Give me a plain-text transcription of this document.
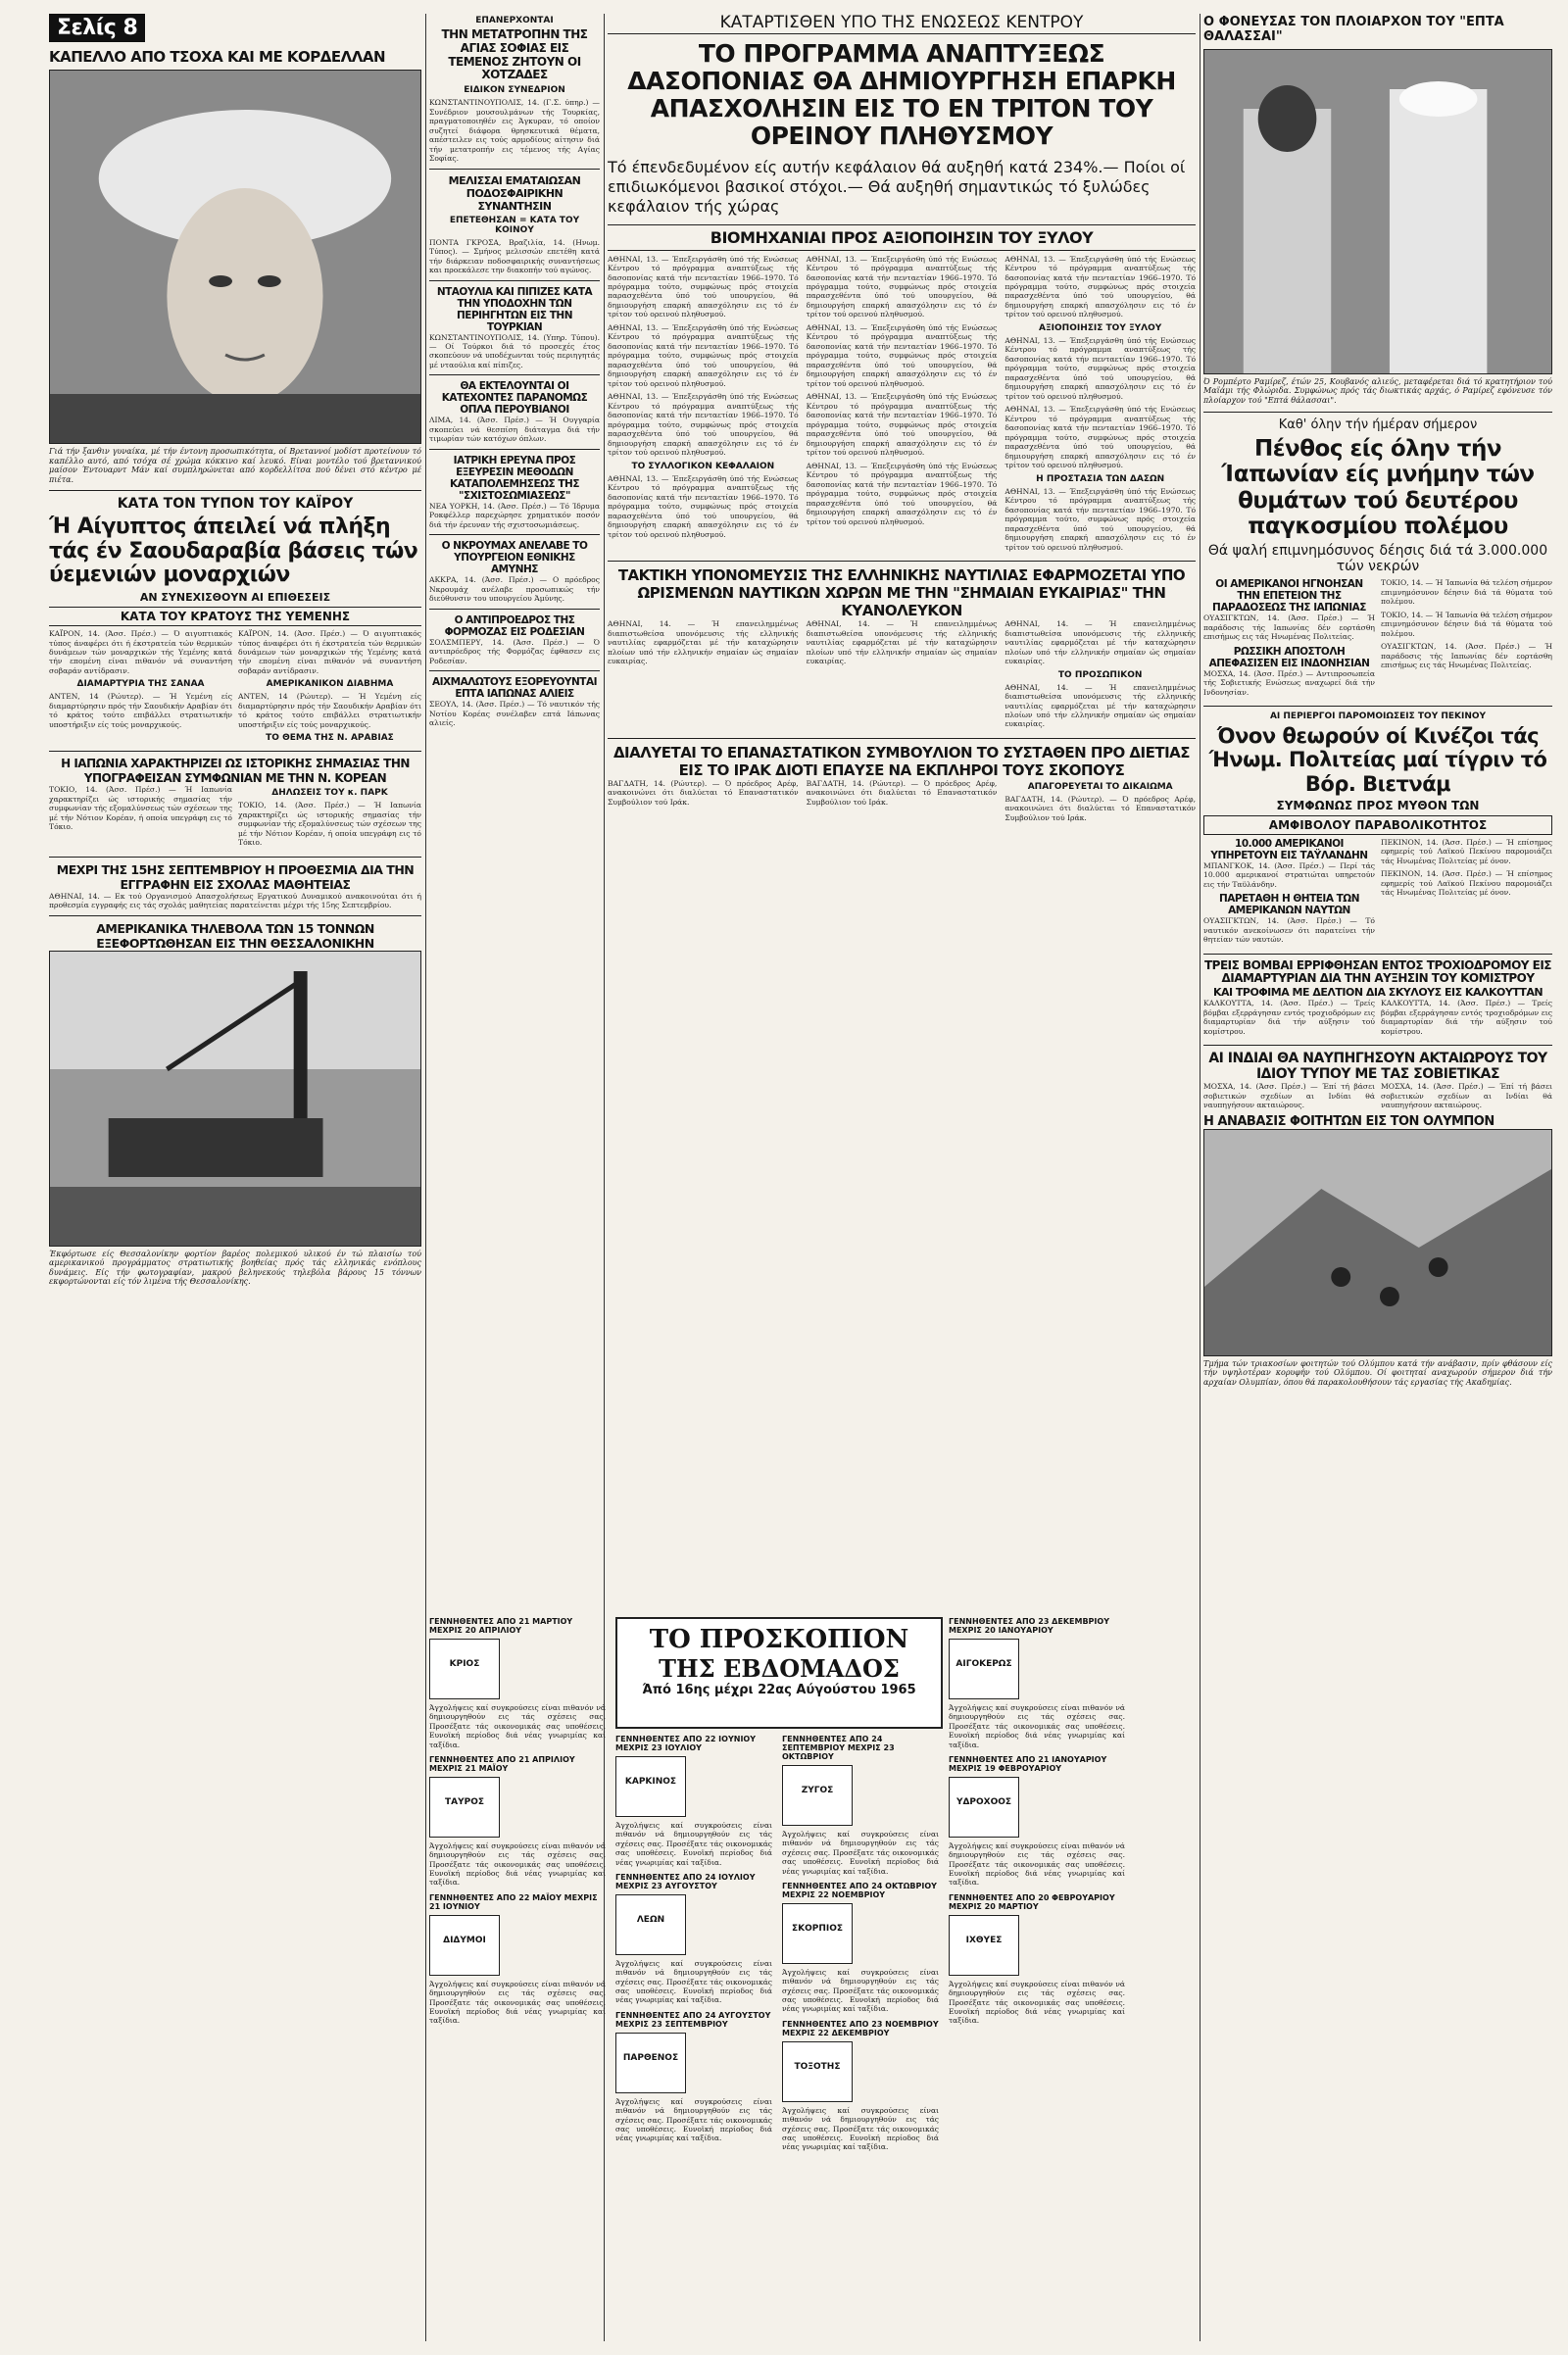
Σελίς 8
ΚΑΠΕΛΛΟ ΑΠΟ ΤΣΟΧΑ ΚΑΙ ΜΕ ΚΟΡΔΕΛΛΑΝ
Γιά τήν ξανθιν γυναίκα, μέ τήν έντονη προσωπικότητα, οί Βρεταννοί μοδίστ προτείνουν τό καπέλλο αυτό, από τσόχα σέ χρώμα κόκκινο καί λευκό. Είναι μοντέλο τού βρεταννικού μαίσον Έντουαρντ Μάν καί συμπληρώνεται από κορδελλίτσα πού δένει στό κέντρο μέ πιέτα.
ΚΑΤΑ ΤΟΝ ΤΥΠΟΝ ΤΟΥ ΚΑΪΡΟΥ
Ή Αίγυπτος άπειλεί νά πλήξη τάς έν Σαουδαραβία βάσεις τών ύεμενιών μοναρχιών
ΑΝ ΣΥΝΕΧΙΣΘΟΥΝ ΑΙ ΕΠΙΘΕΣΕΙΣ
ΚΑΤΑ ΤΟΥ ΚΡΑΤΟΥΣ ΤΗΣ ΥΕΜΕΝΗΣ
ΚΑΪΡΟΝ, 14. (Άσσ. Πρέσ.) — Ό αιγυπτιακός τύπος άναφέρει ότι ή έκστρατεία τών θερμικών δυνάμεων τών μοναρχικών τής Υεμένης κατά τήν επομένη είναι πιθανόν νά συναντήση σοβαράν αντίδρασιν.
ΔΙΑΜΑΡΤΥΡΙΑ ΤΗΣ ΣΑΝΑΑ
ΑΝΤΕΝ, 14 (Ρώυτερ). — Ή Υεμένη είς διαμαρτύρησιν πρός τήν Σαουδικήν Αραβίαν ότι τό κράτος τούτο επιβάλλει στρατιωτικήν υποστήριξιν είς τούς μοναρχικούς.
ΚΑΪΡΟΝ, 14. (Άσσ. Πρέσ.) — Ό αιγυπτιακός τύπος άναφέρει ότι ή έκστρατεία τών θερμικών δυνάμεων τών μοναρχικών τής Υεμένης κατά τήν επομένη είναι πιθανόν νά συναντήση σοβαράν αντίδρασιν.
ΑΜΕΡΙΚΑΝΙΚΟΝ ΔΙΑΒΗΜΑ
ΑΝΤΕΝ, 14 (Ρώυτερ). — Ή Υεμένη είς διαμαρτύρησιν πρός τήν Σαουδικήν Αραβίαν ότι τό κράτος τούτο επιβάλλει στρατιωτικήν υποστήριξιν είς τούς μοναρχικούς.
ΤΟ ΘΕΜΑ ΤΗΣ Ν. ΑΡΑΒΙΑΣ
Η ΙΑΠΩΝΙΑ ΧΑΡΑΚΤΗΡΙΖΕΙ ΩΣ ΙΣΤΟΡΙΚΗΣ ΣΗΜΑΣΙΑΣ ΤΗΝ ΥΠΟΓΡΑΦΕΙΣΑΝ ΣΥΜΦΩΝΙΑΝ ΜΕ ΤΗΝ Ν. ΚΟΡΕΑΝ
ΤΟΚΙΟ, 14. (Άσσ. Πρέσ.) — Ή Ιαπωνία χαρακτηρίζει ώς ιστορικής σημασίας τήν συμφωνίαν τής εξομαλύνσεως τών σχέσεων της μέ τήν Νότιον Κορέαν, ή οποία υπεγράφη εις τό Τόκιο.
ΔΗΛΩΣΕΙΣ ΤΟΥ κ. ΠΑΡΚ
ΤΟΚΙΟ, 14. (Άσσ. Πρέσ.) — Ή Ιαπωνία χαρακτηρίζει ώς ιστορικής σημασίας τήν συμφωνίαν τής εξομαλύνσεως τών σχέσεων της μέ τήν Νότιον Κορέαν, ή οποία υπεγράφη εις τό Τόκιο.
ΜΕΧΡΙ ΤΗΣ 15ΗΣ ΣΕΠΤΕΜΒΡΙΟΥ Η ΠΡΟΘΕΣΜΙΑ ΔΙΑ ΤΗΝ ΕΓΓΡΑΦΗΝ ΕΙΣ ΣΧΟΛΑΣ ΜΑΘΗΤΕΙΑΣ
ΑΘΗΝΑΙ, 14. — Εκ τού Οργανισμού Απασχολήσεως Εργατικού Δυναμικού ανακοινούται ότι ή προθεσμία εγγραφής εις τάς σχολάς μαθητείας παρατείνεται μέχρι τής 15ης Σεπτεμβρίου.
ΑΜΕΡΙΚΑΝΙΚΑ ΤΗΛΕΒΟΛΑ ΤΩΝ 15 ΤΟΝΝΩΝ ΕΞΕΦΟΡΤΩΘΗΣΑΝ ΕΙΣ ΤΗΝ ΘΕΣΣΑΛΟΝΙΚΗΝ
Έκφόρτωσε είς Θεσσαλονίκην φορτίον βαρέος πολεμικού υλικού έν τώ πλαισίω τού αμερικανικού προγράμματος στρατιωτικής βοηθείας πρός τάς ελληνικάς ενόπλους δυνάμεις. Είς τήν φωτογραφίαν, μακρού βεληνεκούς τηλεβόλα βάρους 15 τόννων εκφορτώνονται είς τόν λιμένα τής Θεσσαλονίκης.
ΕΠΑΝΕΡΧΟΝΤΑΙ
ΤΗΝ ΜΕΤΑΤΡΟΠΗΝ ΤΗΣ ΑΓΙΑΣ ΣΟΦΙΑΣ ΕΙΣ ΤΕΜΕΝΟΣ ΖΗΤΟΥΝ ΟΙ ΧΟΤΖΑΔΕΣ
ΕΙΔΙΚΟΝ ΣΥΝΕΔΡΙΟΝ
ΚΩΝΣΤΑΝΤΙΝΟΥΠΟΛΙΣ, 14. (Γ.Σ. ύπηρ.) — Συνέδριον μουσουλμάνων τής Τουρκίας, πραγματοποιηθέν εις Άγκυραν, τό οποίον συζητεί διάφορα θρησκευτικά θέματα, απέστειλεν εις τούς αρμοδίους αίτησιν διά τήν μετατροπήν εις τέμενος τής Αγίας Σοφίας.
ΜΕΛΙΣΣΑΙ ΕΜΑΤΑΙΩΣΑΝ ΠΟΔΟΣΦΑΙΡΙΚΗΝ ΣΥΝΑΝΤΗΣΙΝ
ΕΠΕΤΕΘΗΣΑΝ = ΚΑΤΑ ΤΟΥ ΚΟΙΝΟΥ
ΠΟΝΤΑ ΓΚΡΟΣΑ, Βραζιλία, 14. (Ηνωμ. Τύπος). — Σμήνος μελισσών επετέθη κατά τήν διάρκειαν ποδοσφαιρικής συναντήσεως και προεκάλεσε την διακοπήν τού αγώνος.
ΝΤΑΟΥΛΙΑ ΚΑΙ ΠΙΠΙΖΕΣ ΚΑΤΑ ΤΗΝ ΥΠΟΔΟΧΗΝ ΤΩΝ ΠΕΡΙΗΓΗΤΩΝ ΕΙΣ ΤΗΝ ΤΟΥΡΚΙΑΝ
ΚΩΝΣΤΑΝΤΙΝΟΥΠΟΛΙΣ, 14. (Υπηρ. Τύπου). — Οί Τούρκοι διά τό προσεχές έτος σκοπεύουν νά υποδέχωνται τούς περιηγητάς μέ νταούλια καί πίπιζες.
ΘΑ ΕΚΤΕΛΟΥΝΤΑΙ ΟΙ ΚΑΤΕΧΟΝΤΕΣ ΠΑΡΑΝΟΜΩΣ ΟΠΛΑ ΠΕΡΟΥΒΙΑΝΟΙ
ΛΙΜΑ, 14. (Άσσ. Πρέσ.) — Ή Ουγγαρία σκοπεύει νά θεσπίση διάταγμα διά τήν τιμωρίαν τών κατόχων όπλων.
ΙΑΤΡΙΚΗ ΕΡΕΥΝΑ ΠΡΟΣ ΕΞΕΥΡΕΣΙΝ ΜΕΘΟΔΩΝ ΚΑΤΑΠΟΛΕΜΗΣΕΩΣ ΤΗΣ "ΣΧΙΣΤΟΣΩΜΙΑΣΕΩΣ"
ΝΕΑ ΥΟΡΚΗ, 14. (Άσσ. Πρέσ.) — Τό Ίδρυμα Ροκφέλλερ παρεχώρησε χρηματικόν ποσόν διά τήν έρευναν τής σχιστοσωμιάσεως.
Ο ΝΚΡΟΥΜΑΧ ΑΝΕΛΑΒΕ ΤΟ ΥΠΟΥΡΓΕΙΟΝ ΕΘΝΙΚΗΣ ΑΜΥΝΗΣ
ΑΚΚΡΑ, 14. (Άσσ. Πρέσ.) — Ο πρόεδρος Νκρουμάχ ανέλαβε προσωπικώς τήν διεύθυνσιν του υπουργείου Άμύνης.
Ο ΑΝΤΙΠΡΟΕΔΡΟΣ ΤΗΣ ΦΟΡΜΟΖΑΣ ΕΙΣ ΡΟΔΕΣΙΑΝ
ΣΟΛΣΜΠΕΡΥ, 14. (Άσσ. Πρέσ.) — Ό αντιπρόεδρος τής Φορμόζας έφθασεν εις Ροδεσίαν.
ΑΙΧΜΑΛΩΤΟΥΣ ΕΞΟΡΕΥΟΥΝΤΑΙ ΕΠΤΑ ΙΑΠΩΝΑΣ ΑΛΙΕΙΣ
ΣΕΟΥΛ, 14. (Άσσ. Πρέσ.) — Τό ναυτικόν τής Νοτίου Κορέας συνέλαβεν επτά Ιάπωνας αλιείς.
ΚΑΤΑΡΤΙΣΘΕΝ ΥΠΟ ΤΗΣ ΕΝΩΣΕΩΣ ΚΕΝΤΡΟΥ
ΤΟ ΠΡΟΓΡΑΜΜΑ ΑΝΑΠΤΥΞΕΩΣ ΔΑΣΟΠΟΝΙΑΣ ΘΑ ΔΗΜΙΟΥΡΓΗΣΗ ΕΠΑΡΚΗ ΑΠΑΣΧΟΛΗΣΙΝ ΕΙΣ ΤΟ ΕΝ ΤΡΙΤΟΝ ΤΟΥ ΟΡΕΙΝΟΥ ΠΛΗΘΥΣΜΟΥ
Τό έπενδεδυμένον είς αυτήν κεφάλαιον θά αυξηθή κατά 234%.— Ποίοι οί επιδιωκόμενοι βασικοί στόχοι.— Θά αυξηθή σημαντικώς τό ξυλώδες κεφάλαιον τής χώρας
ΒΙΟΜΗΧΑΝΙΑΙ ΠΡΟΣ ΑΞΙΟΠΟΙΗΣΙΝ ΤΟΥ ΞΥΛΟΥ
ΑΘΗΝΑΙ, 13. — Έπεξειργάσθη ύπό τής Ενώσεως Κέντρου τό πρόγραμμα αναπτύξεως τής δασοπονίας κατά τήν πενταετίαν 1966–1970. Τό πρόγραμμα τούτο, συμφώνως πρός στοιχεία παρασχεθέντα ύπό τού υπουργείου, θά δημιουργήση επαρκή απασχόλησιν εις τό έν τρίτον τού ορεινού πληθυσμού.
ΑΘΗΝΑΙ, 13. — Έπεξειργάσθη ύπό τής Ενώσεως Κέντρου τό πρόγραμμα αναπτύξεως τής δασοπονίας κατά τήν πενταετίαν 1966–1970. Τό πρόγραμμα τούτο, συμφώνως πρός στοιχεία παρασχεθέντα ύπό τού υπουργείου, θά δημιουργήση επαρκή απασχόλησιν εις τό έν τρίτον τού ορεινού πληθυσμού.
ΑΘΗΝΑΙ, 13. — Έπεξειργάσθη ύπό τής Ενώσεως Κέντρου τό πρόγραμμα αναπτύξεως τής δασοπονίας κατά τήν πενταετίαν 1966–1970. Τό πρόγραμμα τούτο, συμφώνως πρός στοιχεία παρασχεθέντα ύπό τού υπουργείου, θά δημιουργήση επαρκή απασχόλησιν εις τό έν τρίτον τού ορεινού πληθυσμού.
ΤΟ ΣΥΛΛΟΓΙΚΟΝ ΚΕΦΑΛΑΙΟΝ
ΑΘΗΝΑΙ, 13. — Έπεξειργάσθη ύπό τής Ενώσεως Κέντρου τό πρόγραμμα αναπτύξεως τής δασοπονίας κατά τήν πενταετίαν 1966–1970. Τό πρόγραμμα τούτο, συμφώνως πρός στοιχεία παρασχεθέντα ύπό τού υπουργείου, θά δημιουργήση επαρκή απασχόλησιν εις τό έν τρίτον τού ορεινού πληθυσμού.
ΑΘΗΝΑΙ, 13. — Έπεξειργάσθη ύπό τής Ενώσεως Κέντρου τό πρόγραμμα αναπτύξεως τής δασοπονίας κατά τήν πενταετίαν 1966–1970. Τό πρόγραμμα τούτο, συμφώνως πρός στοιχεία παρασχεθέντα ύπό τού υπουργείου, θά δημιουργήση επαρκή απασχόλησιν εις τό έν τρίτον τού ορεινού πληθυσμού.
ΑΘΗΝΑΙ, 13. — Έπεξειργάσθη ύπό τής Ενώσεως Κέντρου τό πρόγραμμα αναπτύξεως τής δασοπονίας κατά τήν πενταετίαν 1966–1970. Τό πρόγραμμα τούτο, συμφώνως πρός στοιχεία παρασχεθέντα ύπό τού υπουργείου, θά δημιουργήση επαρκή απασχόλησιν εις τό έν τρίτον τού ορεινού πληθυσμού.
ΑΘΗΝΑΙ, 13. — Έπεξειργάσθη ύπό τής Ενώσεως Κέντρου τό πρόγραμμα αναπτύξεως τής δασοπονίας κατά τήν πενταετίαν 1966–1970. Τό πρόγραμμα τούτο, συμφώνως πρός στοιχεία παρασχεθέντα ύπό τού υπουργείου, θά δημιουργήση επαρκή απασχόλησιν εις τό έν τρίτον τού ορεινού πληθυσμού.
ΑΘΗΝΑΙ, 13. — Έπεξειργάσθη ύπό τής Ενώσεως Κέντρου τό πρόγραμμα αναπτύξεως τής δασοπονίας κατά τήν πενταετίαν 1966–1970. Τό πρόγραμμα τούτο, συμφώνως πρός στοιχεία παρασχεθέντα ύπό τού υπουργείου, θά δημιουργήση επαρκή απασχόλησιν εις τό έν τρίτον τού ορεινού πληθυσμού.
ΑΘΗΝΑΙ, 13. — Έπεξειργάσθη ύπό τής Ενώσεως Κέντρου τό πρόγραμμα αναπτύξεως τής δασοπονίας κατά τήν πενταετίαν 1966–1970. Τό πρόγραμμα τούτο, συμφώνως πρός στοιχεία παρασχεθέντα ύπό τού υπουργείου, θά δημιουργήση επαρκή απασχόλησιν εις τό έν τρίτον τού ορεινού πληθυσμού.
ΑΞΙΟΠΟΙΗΣΙΣ ΤΟΥ ΞΥΛΟΥ
ΑΘΗΝΑΙ, 13. — Έπεξειργάσθη ύπό τής Ενώσεως Κέντρου τό πρόγραμμα αναπτύξεως τής δασοπονίας κατά τήν πενταετίαν 1966–1970. Τό πρόγραμμα τούτο, συμφώνως πρός στοιχεία παρασχεθέντα ύπό τού υπουργείου, θά δημιουργήση επαρκή απασχόλησιν εις τό έν τρίτον τού ορεινού πληθυσμού.
ΑΘΗΝΑΙ, 13. — Έπεξειργάσθη ύπό τής Ενώσεως Κέντρου τό πρόγραμμα αναπτύξεως τής δασοπονίας κατά τήν πενταετίαν 1966–1970. Τό πρόγραμμα τούτο, συμφώνως πρός στοιχεία παρασχεθέντα ύπό τού υπουργείου, θά δημιουργήση επαρκή απασχόλησιν εις τό έν τρίτον τού ορεινού πληθυσμού.
Η ΠΡΟΣΤΑΣΙΑ ΤΩΝ ΔΑΣΩΝ
ΑΘΗΝΑΙ, 13. — Έπεξειργάσθη ύπό τής Ενώσεως Κέντρου τό πρόγραμμα αναπτύξεως τής δασοπονίας κατά τήν πενταετίαν 1966–1970. Τό πρόγραμμα τούτο, συμφώνως πρός στοιχεία παρασχεθέντα ύπό τού υπουργείου, θά δημιουργήση επαρκή απασχόλησιν εις τό έν τρίτον τού ορεινού πληθυσμού.
ΤΑΚΤΙΚΗ ΥΠΟΝΟΜΕΥΣΙΣ ΤΗΣ ΕΛΛΗΝΙΚΗΣ ΝΑΥΤΙΛΙΑΣ ΕΦΑΡΜΟΖΕΤΑΙ ΥΠΟ ΩΡΙΣΜΕΝΩΝ ΝΑΥΤΙΚΩΝ ΧΩΡΩΝ ΜΕ ΤΗΝ "ΣΗΜΑΙΑΝ ΕΥΚΑΙΡΙΑΣ" ΤΗΝ ΚΥΑΝΟΛΕΥΚΟΝ
ΑΘΗΝΑΙ, 14. — Ή επανειλημμένως διαπιστωθείσα υπονόμευσις τής ελληνικής ναυτιλίας εφαρμόζεται μέ τήν καταχώρησιν πλοίων υπό τήν ελληνικήν σημαίαν ώς σημαίαν ευκαιρίας.
ΑΘΗΝΑΙ, 14. — Ή επανειλημμένως διαπιστωθείσα υπονόμευσις τής ελληνικής ναυτιλίας εφαρμόζεται μέ τήν καταχώρησιν πλοίων υπό τήν ελληνικήν σημαίαν ώς σημαίαν ευκαιρίας.
ΑΘΗΝΑΙ, 14. — Ή επανειλημμένως διαπιστωθείσα υπονόμευσις τής ελληνικής ναυτιλίας εφαρμόζεται μέ τήν καταχώρησιν πλοίων υπό τήν ελληνικήν σημαίαν ώς σημαίαν ευκαιρίας.
ΤΟ ΠΡΟΣΩΠΙΚΟΝ
ΑΘΗΝΑΙ, 14. — Ή επανειλημμένως διαπιστωθείσα υπονόμευσις τής ελληνικής ναυτιλίας εφαρμόζεται μέ τήν καταχώρησιν πλοίων υπό τήν ελληνικήν σημαίαν ώς σημαίαν ευκαιρίας.
ΔΙΑΛΥΕΤΑΙ ΤΟ ΕΠΑΝΑΣΤΑΤΙΚΟΝ ΣΥΜΒΟΥΛΙΟΝ ΤΟ ΣΥΣΤΑΘΕΝ ΠΡΟ ΔΙΕΤΙΑΣ ΕΙΣ ΤΟ ΙΡΑΚ ΔΙΟΤΙ ΕΠΑΥΣΕ ΝΑ ΕΚΠΛΗΡΟΙ ΤΟΥΣ ΣΚΟΠΟΥΣ
ΒΑΓΔΑΤΗ, 14. (Ρώυτερ). — Ό πρόεδρος Αρέφ, ανακοινώνει ότι διαλύεται τό Επαναστατικόν Συμβούλιον τού Ιράκ.
ΒΑΓΔΑΤΗ, 14. (Ρώυτερ). — Ό πρόεδρος Αρέφ, ανακοινώνει ότι διαλύεται τό Επαναστατικόν Συμβούλιον τού Ιράκ.
ΑΠΑΓΟΡΕΥΕΤΑΙ ΤΟ ΔΙΚΑΙΩΜΑ
ΒΑΓΔΑΤΗ, 14. (Ρώυτερ). — Ό πρόεδρος Αρέφ, ανακοινώνει ότι διαλύεται τό Επαναστατικόν Συμβούλιον τού Ιράκ.
Ο ΦΟΝΕΥΣΑΣ ΤΟΝ ΠΛΟΙΑΡΧΟΝ ΤΟΥ "ΕΠΤΑ ΘΑΛΑΣΣΑΙ"
Ό Ρομπέρτο Ραμίρεζ, έτών 25, Κουβανός αλιεύς, μεταφέρεται διά τό κρατητήριον τού Μαϊάμι τής Φλώριδα. Συμφώνως πρός τάς διωκτικάς αρχάς, ό Ραμίρεζ εφόνευσε τόν πλοίαρχον τού "Επτά θάλασσαι".
Καθ' όλην τήν ήμέραν σήμερον
Πένθος είς όλην τήν Ίαπωνίαν είς μνήμην τών θυμάτων τού δευτέρου παγκοσμίου πολέμου
Θά ψαλή επιμνημόσυνος δέησις διά τά 3.000.000 τών νεκρών
ΟΙ ΑΜΕΡΙΚΑΝΟΙ ΗΓΝΟΗΣΑΝ ΤΗΝ ΕΠΕΤΕΙΟΝ ΤΗΣ ΠΑΡΑΔΟΣΕΩΣ ΤΗΣ ΙΑΠΩΝΙΑΣ
ΟΥΑΣΙΓΚΤΩΝ, 14. (Άσσ. Πρέσ.) — Ή παράδοσις τής Ιαπωνίας δέν εορτάσθη επισήμως εις τάς Ηνωμένας Πολιτείας.
ΡΩΣΣΙΚΗ ΑΠΟΣΤΟΛΗ ΑΠΕΦΑΣΙΣΕΝ ΕΙΣ ΙΝΔΟΝΗΣΙΑΝ
ΜΟΣΧΑ, 14. (Άσσ. Πρέσ.) — Αντιπροσωπεία τής Σοβιετικής Ενώσεως αναχωρεί διά τήν Ινδονησίαν.
ΤΟΚΙΟ, 14. — Ή Ίαπωνία θά τελέση σήμερον επιμνημόσυνον δέησιν διά τά θύματα τού πολέμου.
ΤΟΚΙΟ, 14. — Ή Ίαπωνία θά τελέση σήμερον επιμνημόσυνον δέησιν διά τά θύματα τού πολέμου.
ΟΥΑΣΙΓΚΤΩΝ, 14. (Άσσ. Πρέσ.) — Ή παράδοσις τής Ιαπωνίας δέν εορτάσθη επισήμως εις τάς Ηνωμένας Πολιτείας.
ΑΙ ΠΕΡΙΕΡΓΟΙ ΠΑΡΟΜΟΙΩΣΕΙΣ ΤΟΥ ΠΕΚΙΝΟΥ
Όνον θεωρούν οί Κινέζοι τάς Ήνωμ. Πολιτείας μαί τίγριν τό Βόρ. Βιετνάμ
ΣΥΜΦΩΝΩΣ ΠΡΟΣ ΜΥΘΟΝ ΤΩΝ
ΑΜΦΙΒΟΛΟΥ ΠΑΡΑΒΟΛΙΚΟΤΗΤΟΣ
10.000 ΑΜΕΡΙΚΑΝΟΙ ΥΠΗΡΕΤΟΥΝ ΕΙΣ ΤΑΫΛΑΝΔΗΝ
ΜΠΑΝΓΚΟΚ, 14. (Άσσ. Πρέσ.) — Περί τάς 10.000 αμερικανοί στρατιώται υπηρετούν εις τήν Ταϋλάνδην.
ΠΑΡΕΤΑΘΗ Η ΘΗΤΕΙΑ ΤΩΝ ΑΜΕΡΙΚΑΝΩΝ ΝΑΥΤΩΝ
ΟΥΑΣΙΓΚΤΩΝ, 14. (Άσσ. Πρέσ.) — Τό ναυτικόν ανεκοίνωσεν ότι παρατείνει τήν θητείαν τών ναυτών.
ΠΕΚΙΝΟΝ, 14. (Άσσ. Πρέσ.) — Ή επίσημος εφημερίς τού Λαϊκού Πεκίνου παρομοιάζει τάς Ηνωμένας Πολιτείας μέ όνον.
ΠΕΚΙΝΟΝ, 14. (Άσσ. Πρέσ.) — Ή επίσημος εφημερίς τού Λαϊκού Πεκίνου παρομοιάζει τάς Ηνωμένας Πολιτείας μέ όνον.
ΤΡΕΙΣ ΒΟΜΒΑΙ ΕΡΡΙΦΘΗΣΑΝ ΕΝΤΟΣ ΤΡΟΧΙΟΔΡΟΜΟΥ ΕΙΣ ΔΙΑΜΑΡΤΥΡΙΑΝ ΔΙΑ ΤΗΝ ΑΥΞΗΣΙΝ ΤΟΥ ΚΟΜΙΣΤΡΟΥ
ΚΑΙ ΤΡΟΦΙΜΑ ΜΕ ΔΕΛΤΙΟΝ ΔΙΑ ΣΚΥΛΟΥΣ ΕΙΣ ΚΑΛΚΟΥΤΤΑΝ
ΚΑΛΚΟΥΤΤΑ, 14. (Άσσ. Πρέσ.) — Τρείς βόμβαι εξερράγησαν εντός τροχιοδρόμων εις διαμαρτυρίαν διά τήν αύξησιν τού κομίστρου.
ΚΑΛΚΟΥΤΤΑ, 14. (Άσσ. Πρέσ.) — Τρείς βόμβαι εξερράγησαν εντός τροχιοδρόμων εις διαμαρτυρίαν διά τήν αύξησιν τού κομίστρου.
ΑΙ ΙΝΔΙΑΙ ΘΑ ΝΑΥΠΗΓΗΣΟΥΝ ΑΚΤΑΙΩΡΟΥΣ ΤΟΥ ΙΔΙΟΥ ΤΥΠΟΥ ΜΕ ΤΑΣ ΣΟΒΙΕΤΙΚΑΣ
ΜΟΣΧΑ, 14. (Άσσ. Πρέσ.) — Έπί τή βάσει σοβιετικών σχεδίων αι Ινδίαι θά ναυπηγήσουν ακταιώρους.
ΜΟΣΧΑ, 14. (Άσσ. Πρέσ.) — Έπί τή βάσει σοβιετικών σχεδίων αι Ινδίαι θά ναυπηγήσουν ακταιώρους.
Η ΑΝΑΒΑΣΙΣ ΦΟΙΤΗΤΩΝ ΕΙΣ ΤΟΝ ΟΛΥΜΠΟΝ
Τμήμα τών τριακοσίων φοιτητών τού Ολύμπου κατά τήν ανάβασιν, πρίν φθάσουν είς τήν υψηλοτέραν κορυφήν τού Ολύμπου. Οί φοιτηταί αναχωρούν σήμερον διά τήν αρχαίαν Ολυμπίαν, όπου θά παρακολουθήσουν τάς εργασίας τής Ακαδημίας.
ΤΟ ΠΡΟΣΚΟΠΙΟΝ
ΤΗΣ ΕΒΔΟΜΑΔΟΣ
Άπό 16ης μέχρι 22ας Αύγούστου 1965
ΓΕΝΝΗΘΕΝΤΕΣ ΑΠΟ 21 ΜΑΡΤΙΟΥ ΜΕΧΡΙΣ 20 ΑΠΡΙΛΙΟΥ
ΚΡΙΟΣ
Άγχολήψεις καί συγκρούσεις είναι πιθανόν νά δημιουργηθούν εις τάς σχέσεις σας. Προσέξατε τάς οικονομικάς σας υποθέσεις. Ευνοϊκή περίοδος διά νέας γνωριμίας καί ταξίδια.
ΓΕΝΝΗΘΕΝΤΕΣ ΑΠΟ 21 ΑΠΡΙΛΙΟΥ ΜΕΧΡΙΣ 21 ΜΑΪΟΥ
ΤΑΥΡΟΣ
Άγχολήψεις καί συγκρούσεις είναι πιθανόν νά δημιουργηθούν εις τάς σχέσεις σας. Προσέξατε τάς οικονομικάς σας υποθέσεις. Ευνοϊκή περίοδος διά νέας γνωριμίας καί ταξίδια.
ΓΕΝΝΗΘΕΝΤΕΣ ΑΠΟ 22 ΜΑΪΟΥ ΜΕΧΡΙΣ 21 ΙΟΥΝΙΟΥ
ΔΙΔΥΜΟΙ
Άγχολήψεις καί συγκρούσεις είναι πιθανόν νά δημιουργηθούν εις τάς σχέσεις σας. Προσέξατε τάς οικονομικάς σας υποθέσεις. Ευνοϊκή περίοδος διά νέας γνωριμίας καί ταξίδια.
ΓΕΝΝΗΘΕΝΤΕΣ ΑΠΟ 22 ΙΟΥΝΙΟΥ ΜΕΧΡΙΣ 23 ΙΟΥΛΙΟΥ
ΚΑΡΚΙΝΟΣ
Άγχολήψεις καί συγκρούσεις είναι πιθανόν νά δημιουργηθούν εις τάς σχέσεις σας. Προσέξατε τάς οικονομικάς σας υποθέσεις. Ευνοϊκή περίοδος διά νέας γνωριμίας καί ταξίδια.
ΓΕΝΝΗΘΕΝΤΕΣ ΑΠΟ 24 ΙΟΥΛΙΟΥ ΜΕΧΡΙΣ 23 ΑΥΓΟΥΣΤΟΥ
ΛΕΩΝ
Άγχολήψεις καί συγκρούσεις είναι πιθανόν νά δημιουργηθούν εις τάς σχέσεις σας. Προσέξατε τάς οικονομικάς σας υποθέσεις. Ευνοϊκή περίοδος διά νέας γνωριμίας καί ταξίδια.
ΓΕΝΝΗΘΕΝΤΕΣ ΑΠΟ 24 ΑΥΓΟΥΣΤΟΥ ΜΕΧΡΙΣ 23 ΣΕΠΤΕΜΒΡΙΟΥ
ΠΑΡΘΕΝΟΣ
Άγχολήψεις καί συγκρούσεις είναι πιθανόν νά δημιουργηθούν εις τάς σχέσεις σας. Προσέξατε τάς οικονομικάς σας υποθέσεις. Ευνοϊκή περίοδος διά νέας γνωριμίας καί ταξίδια.
ΓΕΝΝΗΘΕΝΤΕΣ ΑΠΟ 24 ΣΕΠΤΕΜΒΡΙΟΥ ΜΕΧΡΙΣ 23 ΟΚΤΩΒΡΙΟΥ
ΖΥΓΟΣ
Άγχολήψεις καί συγκρούσεις είναι πιθανόν νά δημιουργηθούν εις τάς σχέσεις σας. Προσέξατε τάς οικονομικάς σας υποθέσεις. Ευνοϊκή περίοδος διά νέας γνωριμίας καί ταξίδια.
ΓΕΝΝΗΘΕΝΤΕΣ ΑΠΟ 24 ΟΚΤΩΒΡΙΟΥ ΜΕΧΡΙΣ 22 ΝΟΕΜΒΡΙΟΥ
ΣΚΟΡΠΙΟΣ
Άγχολήψεις καί συγκρούσεις είναι πιθανόν νά δημιουργηθούν εις τάς σχέσεις σας. Προσέξατε τάς οικονομικάς σας υποθέσεις. Ευνοϊκή περίοδος διά νέας γνωριμίας καί ταξίδια.
ΓΕΝΝΗΘΕΝΤΕΣ ΑΠΟ 23 ΝΟΕΜΒΡΙΟΥ ΜΕΧΡΙΣ 22 ΔΕΚΕΜΒΡΙΟΥ
ΤΟΞΟΤΗΣ
Άγχολήψεις καί συγκρούσεις είναι πιθανόν νά δημιουργηθούν εις τάς σχέσεις σας. Προσέξατε τάς οικονομικάς σας υποθέσεις. Ευνοϊκή περίοδος διά νέας γνωριμίας καί ταξίδια.
ΓΕΝΝΗΘΕΝΤΕΣ ΑΠΟ 23 ΔΕΚΕΜΒΡΙΟΥ ΜΕΧΡΙΣ 20 ΙΑΝΟΥΑΡΙΟΥ
ΑΙΓΟΚΕΡΩΣ
Άγχολήψεις καί συγκρούσεις είναι πιθανόν νά δημιουργηθούν εις τάς σχέσεις σας. Προσέξατε τάς οικονομικάς σας υποθέσεις. Ευνοϊκή περίοδος διά νέας γνωριμίας καί ταξίδια.
ΓΕΝΝΗΘΕΝΤΕΣ ΑΠΟ 21 ΙΑΝΟΥΑΡΙΟΥ ΜΕΧΡΙΣ 19 ΦΕΒΡΟΥΑΡΙΟΥ
ΥΔΡΟΧΟΟΣ
Άγχολήψεις καί συγκρούσεις είναι πιθανόν νά δημιουργηθούν εις τάς σχέσεις σας. Προσέξατε τάς οικονομικάς σας υποθέσεις. Ευνοϊκή περίοδος διά νέας γνωριμίας καί ταξίδια.
ΓΕΝΝΗΘΕΝΤΕΣ ΑΠΟ 20 ΦΕΒΡΟΥΑΡΙΟΥ ΜΕΧΡΙΣ 20 ΜΑΡΤΙΟΥ
ΙΧΘΥΕΣ
Άγχολήψεις καί συγκρούσεις είναι πιθανόν νά δημιουργηθούν εις τάς σχέσεις σας. Προσέξατε τάς οικονομικάς σας υποθέσεις. Ευνοϊκή περίοδος διά νέας γνωριμίας καί ταξίδια.
